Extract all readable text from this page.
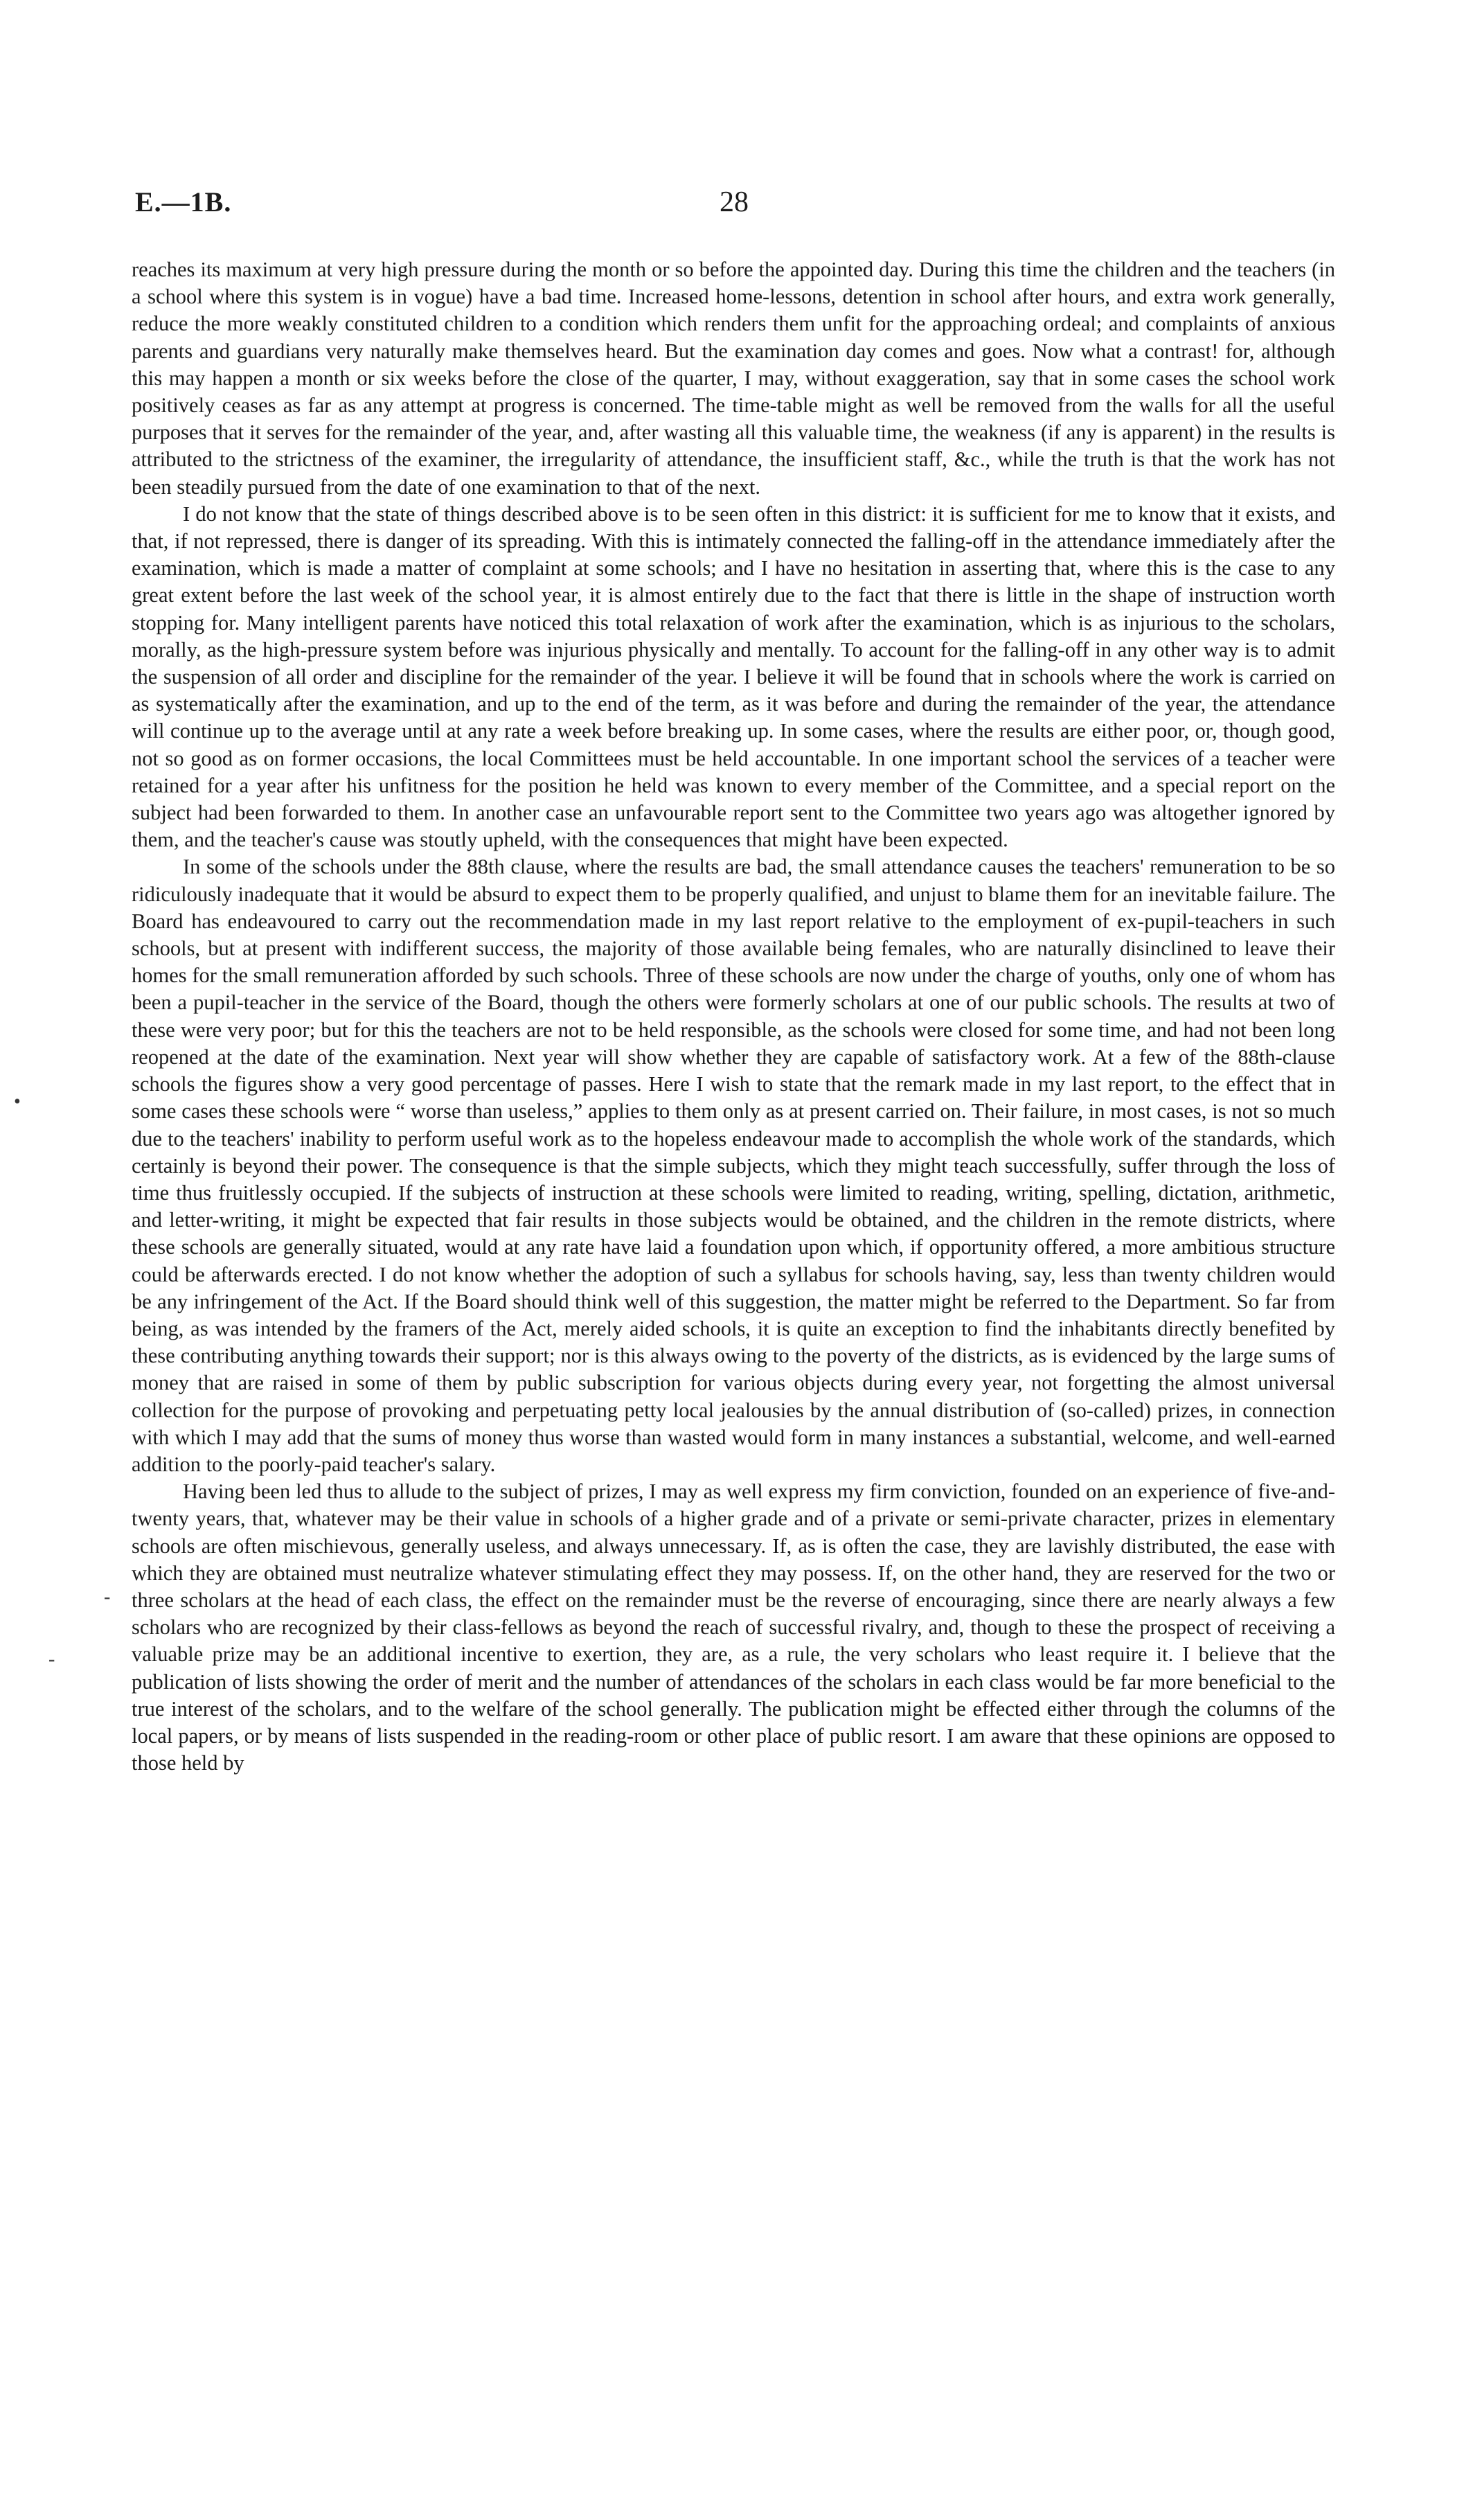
E.—1B.	28

reaches its maximum at very high pressure during the month or so before the appointed day. During this time the children and the teachers (in a school where this system is in vogue) have a bad time. Increased home-lessons, detention in school after hours, and extra work generally, reduce the more weakly constituted children to a condition which renders them unfit for the approaching ordeal; and complaints of anxious parents and guardians very naturally make themselves heard. But the examination day comes and goes. Now what a contrast! for, although this may happen a month or six weeks before the close of the quarter, I may, without exaggeration, say that in some cases the school work positively ceases as far as any attempt at progress is concerned. The time-table might as well be removed from the walls for all the useful purposes that it serves for the remainder of the year, and, after wasting all this valuable time, the weakness (if any is apparent) in the results is attributed to the strictness of the examiner, the irregularity of attendance, the insufficient staff, &c., while the truth is that the work has not been steadily pursued from the date of one examination to that of the next.

I do not know that the state of things described above is to be seen often in this district: it is sufficient for me to know that it exists, and that, if not repressed, there is danger of its spreading. With this is intimately connected the falling-off in the attendance immediately after the examination, which is made a matter of complaint at some schools; and I have no hesitation in asserting that, where this is the case to any great extent before the last week of the school year, it is almost entirely due to the fact that there is little in the shape of instruction worth stopping for. Many intelligent parents have noticed this total relaxation of work after the examination, which is as injurious to the scholars, morally, as the high-pressure system before was injurious physically and mentally. To account for the falling-off in any other way is to admit the suspension of all order and discipline for the remainder of the year. I believe it will be found that in schools where the work is carried on as systematically after the examination, and up to the end of the term, as it was before and during the remainder of the year, the attendance will continue up to the average until at any rate a week before breaking up. In some cases, where the results are either poor, or, though good, not so good as on former occasions, the local Committees must be held accountable. In one important school the services of a teacher were retained for a year after his unfitness for the position he held was known to every member of the Committee, and a special report on the subject had been forwarded to them. In another case an unfavourable report sent to the Committee two years ago was altogether ignored by them, and the teacher's cause was stoutly upheld, with the consequences that might have been expected.

In some of the schools under the 88th clause, where the results are bad, the small attendance causes the teachers' remuneration to be so ridiculously inadequate that it would be absurd to expect them to be properly qualified, and unjust to blame them for an inevitable failure. The Board has endeavoured to carry out the recommendation made in my last report relative to the employment of ex-pupil-teachers in such schools, but at present with indifferent success, the majority of those available being females, who are naturally disinclined to leave their homes for the small remuneration afforded by such schools. Three of these schools are now under the charge of youths, only one of whom has been a pupil-teacher in the service of the Board, though the others were formerly scholars at one of our public schools. The results at two of these were very poor; but for this the teachers are not to be held responsible, as the schools were closed for some time, and had not been long reopened at the date of the examination. Next year will show whether they are capable of satisfactory work. At a few of the 88th-clause schools the figures show a very good percentage of passes. Here I wish to state that the remark made in my last report, to the effect that in some cases these schools were “ worse than useless,” applies to them only as at present carried on. Their failure, in most cases, is not so much due to the teachers' inability to perform useful work as to the hopeless endeavour made to accomplish the whole work of the standards, which certainly is beyond their power. The consequence is that the simple subjects, which they might teach successfully, suffer through the loss of time thus fruitlessly occupied. If the subjects of instruction at these schools were limited to reading, writing, spelling, dictation, arithmetic, and letter-writing, it might be expected that fair results in those subjects would be obtained, and the children in the remote districts, where these schools are generally situated, would at any rate have laid a foundation upon which, if opportunity offered, a more ambitious structure could be afterwards erected. I do not know whether the adoption of such a syllabus for schools having, say, less than twenty children would be any infringement of the Act. If the Board should think well of this suggestion, the matter might be referred to the Department. So far from being, as was intended by the framers of the Act, merely aided schools, it is quite an exception to find the inhabitants directly benefited by these contributing anything towards their support; nor is this always owing to the poverty of the districts, as is evidenced by the large sums of money that are raised in some of them by public subscription for various objects during every year, not forgetting the almost universal collection for the purpose of provoking and perpetuating petty local jealousies by the annual distribution of (so-called) prizes, in connection with which I may add that the sums of money thus worse than wasted would form in many instances a substantial, welcome, and well-earned addition to the poorly-paid teacher's salary.

Having been led thus to allude to the subject of prizes, I may as well express my firm conviction, founded on an experience of five-and-twenty years, that, whatever may be their value in schools of a higher grade and of a private or semi-private character, prizes in elementary schools are often mischievous, generally useless, and always unnecessary. If, as is often the case, they are lavishly distributed, the ease with which they are obtained must neutralize whatever stimulating effect they may possess. If, on the other hand, they are reserved for the two or three scholars at the head of each class, the effect on the remainder must be the reverse of encouraging, since there are nearly always a few scholars who are recognized by their class-fellows as beyond the reach of successful rivalry, and, though to these the prospect of receiving a valuable prize may be an additional incentive to exertion, they are, as a rule, the very scholars who least require it. I believe that the publication of lists showing the order of merit and the number of attendances of the scholars in each class would be far more beneficial to the true interest of the scholars, and to the welfare of the school generally. The publication might be effected either through the columns of the local papers, or by means of lists suspended in the reading-room or other place of public resort. I am aware that these opinions are opposed to those held by

•
-
-
